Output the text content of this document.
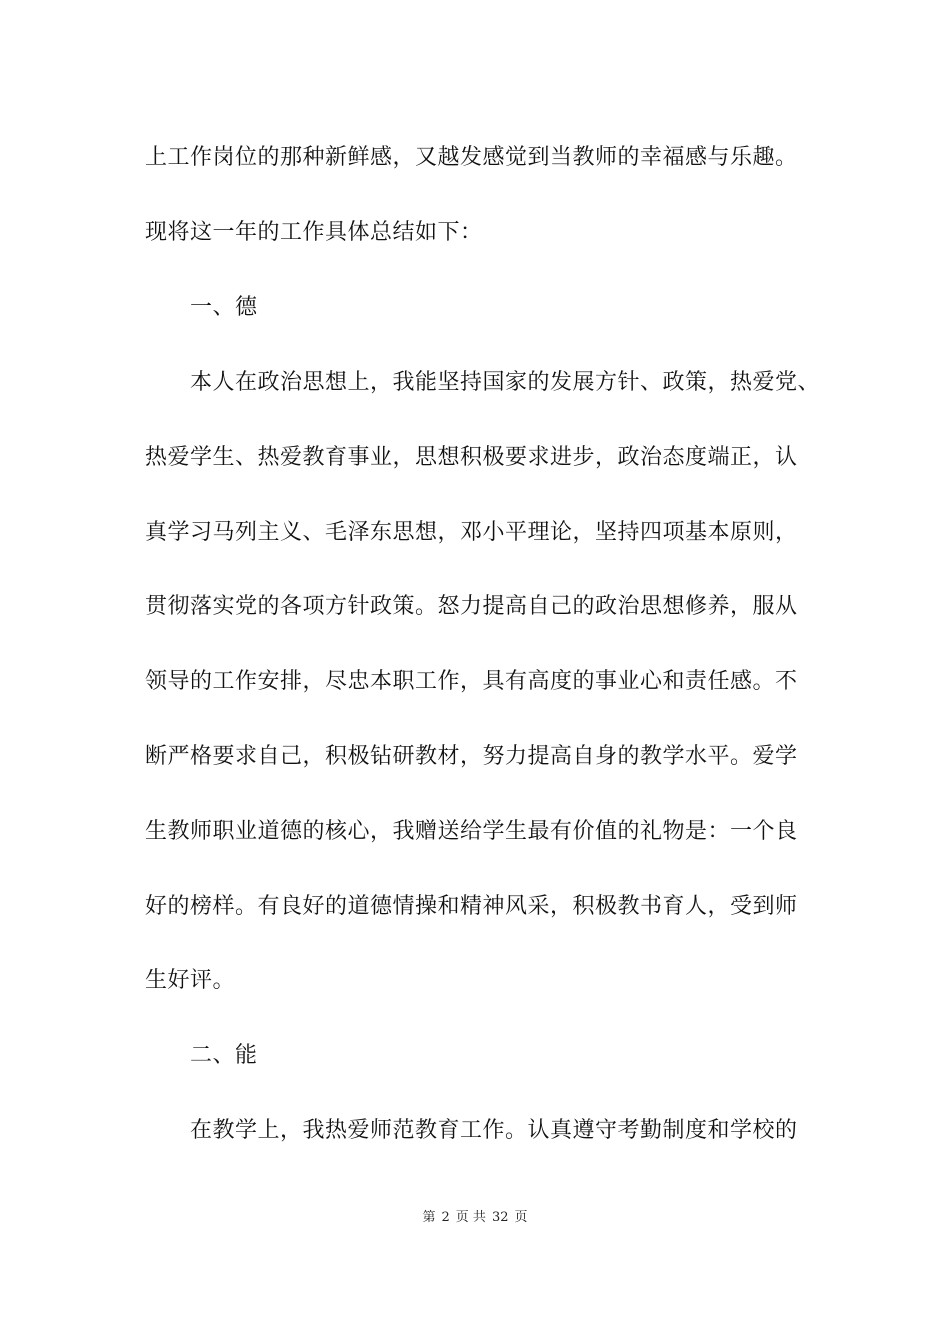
上工作岗位的那种新鲜感，又越发感觉到当教师的幸福感与乐趣。
现将这一年的工作具体总结如下：
一、德
本人在政治思想上，我能坚持国家的发展方针、政策，热爱党、
热爱学生、热爱教育事业，思想积极要求进步，政治态度端正，认
真学习马列主义、毛泽东思想，邓小平理论，坚持四项基本原则，
贯彻落实党的各项方针政策。怒力提高自己的政治思想修养，服从
领导的工作安排，尽忠本职工作，具有高度的事业心和责任感。不
断严格要求自己，积极钻研教材，努力提高自身的教学水平。爱学
生教师职业道德的核心，我赠送给学生最有价值的礼物是：一个良
好的榜样。有良好的道德情操和精神风采，积极教书育人，受到师
生好评。
二、能
在教学上，我热爱师范教育工作。认真遵守考勤制度和学校的
第 2 页 共 32 页
